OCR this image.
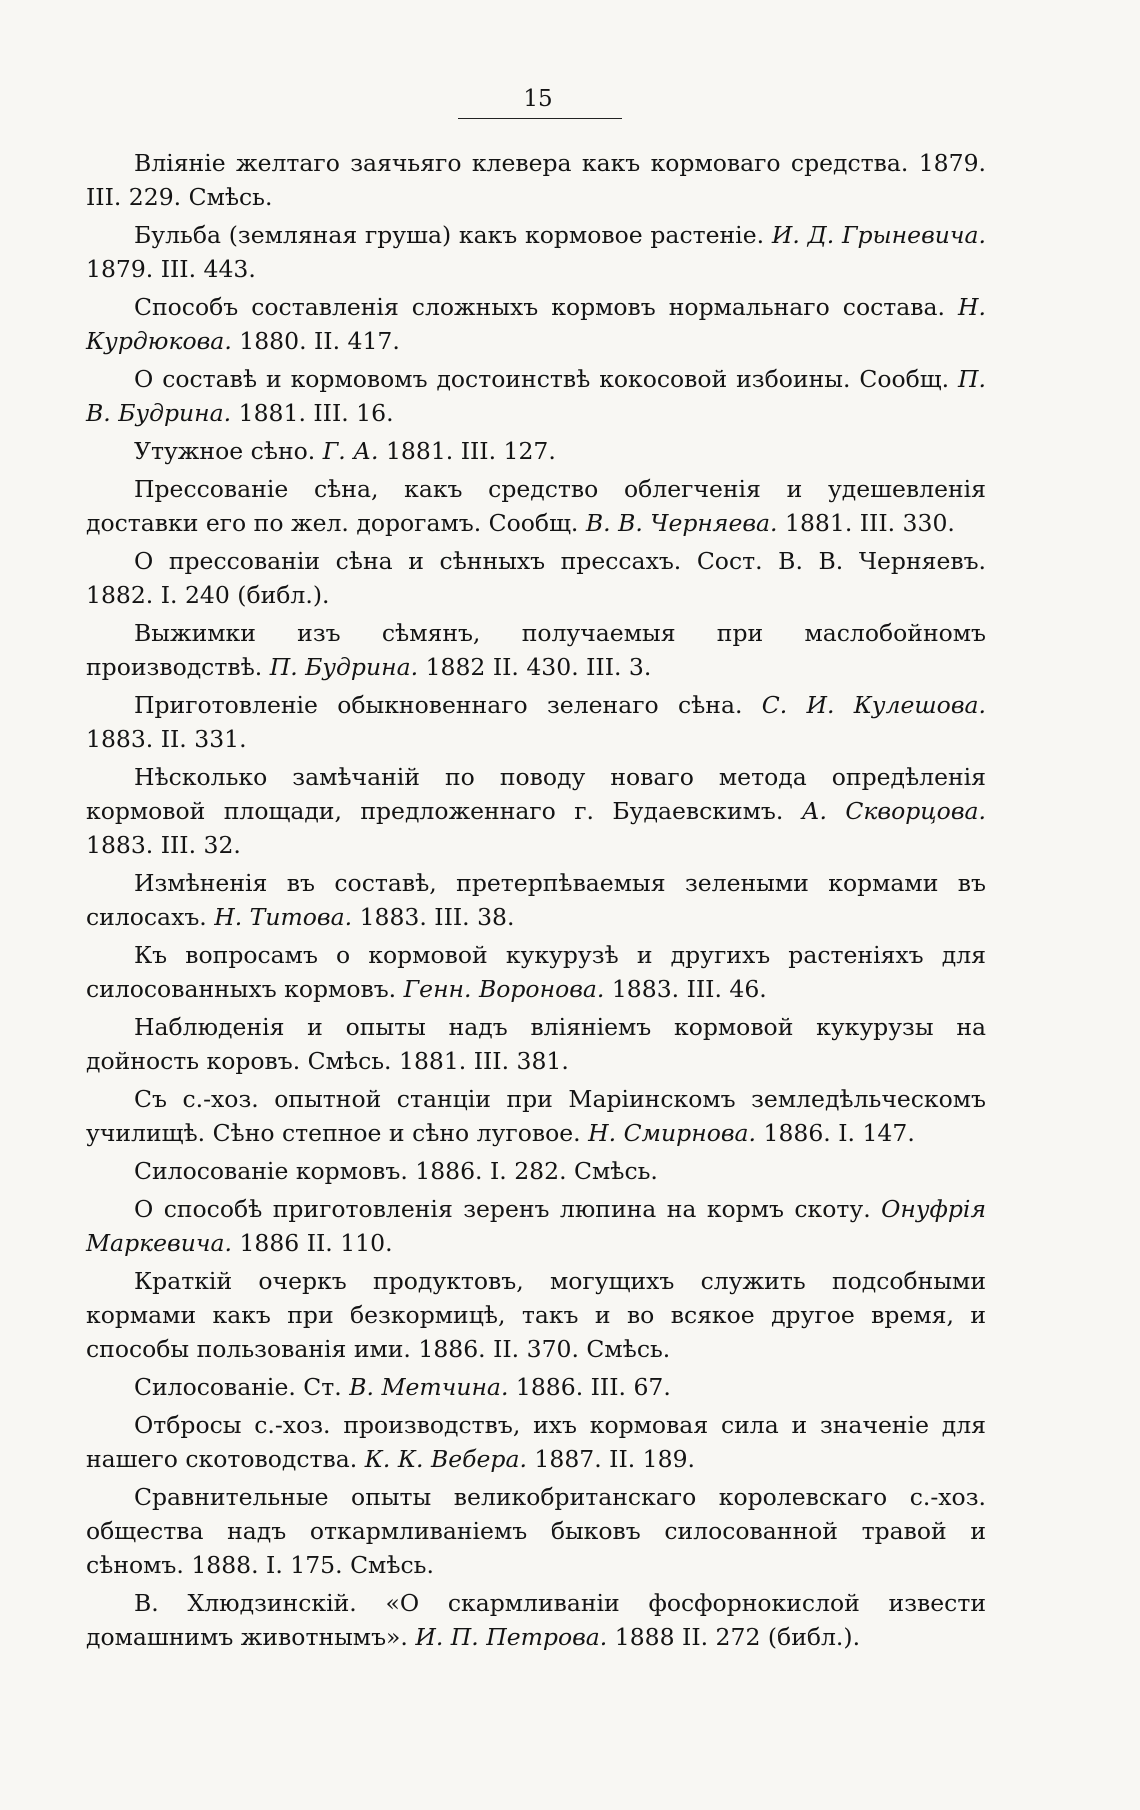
15

Вліяніе желтаго заячьяго клевера какъ кормоваго средства. 1879. III. 229. Смѣсь.

Бульба (земляная груша) какъ кормовое растеніе. И. Д. Грыневича. 1879. III. 443.

Способъ составленія сложныхъ кормовъ нормальнаго состава. Н. Курдюкова. 1880. II. 417.

О составѣ и кормовомъ достоинствѣ кокосовой избоины. Сообщ. П. В. Будрина. 1881. III. 16.

Утужное сѣно. Г. А. 1881. III. 127.

Прессованіе сѣна, какъ средство облегченія и удешевленія доставки его по жел. дорогамъ. Сообщ. В. В. Черняева. 1881. III. 330.

О прессованіи сѣна и сѣнныхъ прессахъ. Сост. В. В. Черняевъ. 1882. I. 240 (библ.).

Выжимки изъ сѣмянъ, получаемыя при маслобойномъ производствѣ. П. Будрина. 1882 II. 430. III. 3.

Приготовленіе обыкновеннаго зеленаго сѣна. С. И. Кулешова. 1883. II. 331.

Нѣсколько замѣчаній по поводу новаго метода опредѣленія кормовой площади, предложеннаго г. Будаевскимъ. А. Скворцова. 1883. III. 32.

Измѣненія въ составѣ, претерпѣваемыя зелеными кормами въ силосахъ. Н. Титова. 1883. III. 38.

Къ вопросамъ о кормовой кукурузѣ и другихъ растеніяхъ для силосованныхъ кормовъ. Генн. Воронова. 1883. III. 46.

Наблюденія и опыты надъ вліяніемъ кормовой кукурузы на дойность коровъ. Смѣсь. 1881. III. 381.

Съ с.-хоз. опытной станціи при Маріинскомъ земледѣльческомъ училищѣ. Сѣно степное и сѣно луговое. Н. Смирнова. 1886. I. 147.

Силосованіе кормовъ. 1886. I. 282. Смѣсь.

О способѣ приготовленія зеренъ люпина на кормъ скоту. Онуфрія Маркевича. 1886 II. 110.

Краткій очеркъ продуктовъ, могущихъ служить подсобными кормами какъ при безкормицѣ, такъ и во всякое другое время, и способы пользованія ими. 1886. II. 370. Смѣсь.

Силосованіе. Ст. В. Метчина. 1886. III. 67.

Отбросы с.-хоз. производствъ, ихъ кормовая сила и значеніе для нашего скотоводства. К. К. Вебера. 1887. II. 189.

Сравнительные опыты великобританскаго королевскаго с.-хоз. общества надъ откармливаніемъ быковъ силосованной травой и сѣномъ. 1888. I. 175. Смѣсь.

В. Хлюдзинскій. «О скармливаніи фосфорнокислой извести домашнимъ животнымъ». И. П. Петрова. 1888 II. 272 (библ.).
